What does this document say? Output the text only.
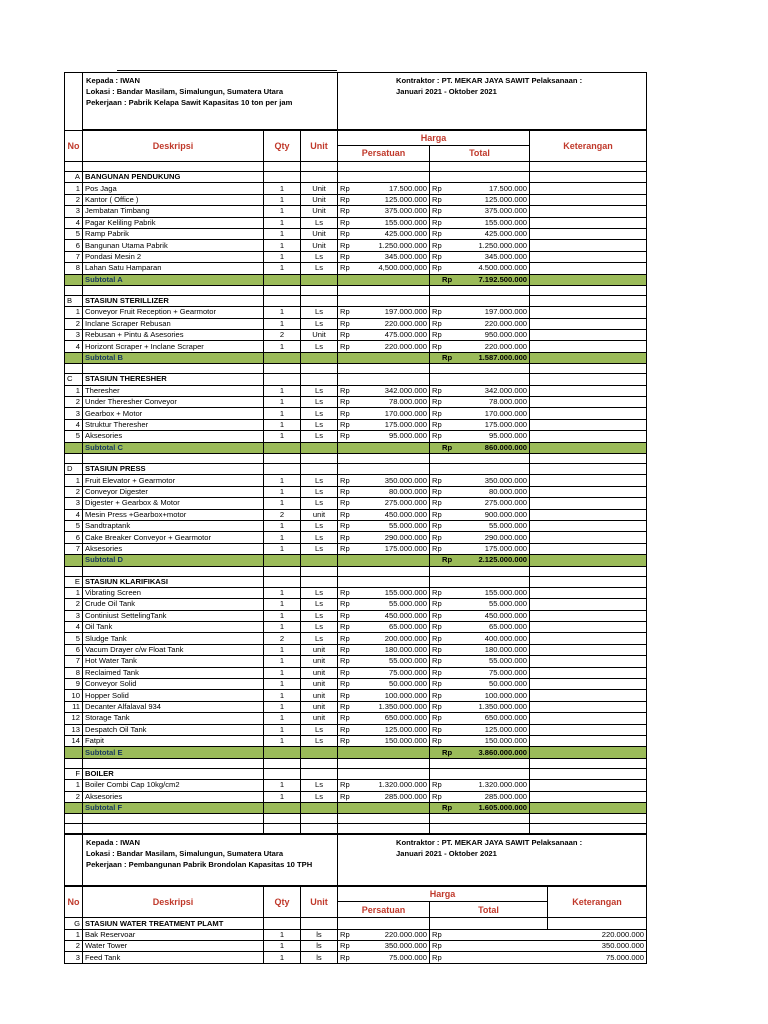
Kepada : IWAN
Lokasi : Bandar Masilam, Simalungun, Sumatera Utara
Pekerjaan : Pabrik Kelapa Sawit Kapasitas 10 ton per jam

Kontraktor : PT. MEKAR JAYA SAWIT Pelaksanaan :
Januari 2021 - Oktober 2021
No	Deskripsi	Qty	Unit	Harga		Keterangan
				Persatuan	Total	

A	BANGUNAN PENDUKUNG					
1	Pos Jaga	1	Unit	Rp 17.500.000	Rp 17.500.000	
2	Kantor ( Office )	1	Unit	Rp 125.000.000	Rp 125.000.000	
3	Jembatan Timbang	1	Unit	Rp 375.000.000	Rp 375.000.000	
4	Pagar Keliling Pabrik	1	Ls	Rp 155.000.000	Rp 155.000.000	
5	Ramp Pabrik	1	Unit	Rp 425.000.000	Rp 425.000.000	
6	Bangunan Utama Pabrik	1	Unit	Rp 1.250.000.000	Rp 1.250.000.000	
7	Pondasi Mesin 2	1	Ls	Rp 345.000.000	Rp 345.000.000	
8	Lahan Satu Hamparan	1	Ls	Rp 4,500.000,000	Rp 4.500.000.000	
	Subtotal A				Rp 7.192.500.000	

B	STASIUN STERILLIZER					
1	Conveyor Fruit Reception + Gearmotor	1	Ls	Rp 197.000.000	Rp 197.000.000	
2	Inclane Scraper Rebusan	1	Ls	Rp 220.000.000	Rp 220.000.000	
3	Rebusan + Pintu & Asesories	2	Unit	Rp 475.000.000	Rp 950.000.000	
4	Horizont Scraper + Inclane Scraper	1	Ls	Rp 220.000.000	Rp 220.000.000	
	Subtotal B				Rp 1.587.000.000	

C	STASIUN THERESHER					
1	Theresher	1	Ls	Rp 342.000.000	Rp 342.000.000	
2	Under Theresher Conveyor	1	Ls	Rp 78.000.000	Rp 78.000.000	
3	Gearbox + Motor	1	Ls	Rp 170.000.000	Rp 170.000.000	
4	Struktur Theresher	1	Ls	Rp 175.000.000	Rp 175.000.000	
5	Aksesories	1	Ls	Rp 95.000.000	Rp 95.000.000	
	Subtotal C				Rp 860.000.000	

D	STASIUN PRESS					
1	Fruit Elevator + Gearmotor	1	Ls	Rp 350.000.000	Rp 350.000.000	
2	Conveyor Digester	1	Ls	Rp 80.000.000	Rp 80.000.000	
3	Digester + Gearbox & Motor	1	Ls	Rp 275.000.000	Rp 275.000.000	
4	Mesin Press +Gearbox+motor	2	unit	Rp 450.000.000	Rp 900.000.000	
5	Sandtraptank	1	Ls	Rp 55.000.000	Rp 55.000.000	
6	Cake Breaker Conveyor + Gearmotor	1	Ls	Rp 290.000.000	Rp 290.000.000	
7	Aksesories	1	Ls	Rp 175.000.000	Rp 175.000.000	
	Subtotal D				Rp 2.125.000.000	

E	STASIUN KLARIFIKASI					
1	Vibrating Screen	1	Ls	Rp 155.000.000	Rp 155.000.000	
2	Crude Oil Tank	1	Ls	Rp 55.000.000	Rp 55.000.000	
3	Continiust SettelingTank	1	Ls	Rp 450.000.000	Rp 450.000.000	
4	Oil Tank	1	Ls	Rp 65.000.000	Rp 65.000.000	
5	Sludge Tank	2	Ls	Rp 200.000.000	Rp 400.000.000	
6	Vacum Drayer c/w Float Tank	1	unit	Rp 180.000.000	Rp 180.000.000	
7	Hot Water Tank	1	unit	Rp 55.000.000	Rp 55.000.000	
8	Reclaimed Tank	1	unit	Rp 75.000.000	Rp 75.000.000	
9	Conveyor Solid	1	unit	Rp 50.000.000	Rp 50.000.000	
10	Hopper Solid	1	unit	Rp 100.000.000	Rp 100.000.000	
11	Decanter Alfalaval 934	1	unit	Rp 1.350.000.000	Rp 1.350.000.000	
12	Storage Tank	1	unit	Rp 650.000.000	Rp 650.000.000	
13	Despatch Oil Tank	1	Ls	Rp 125.000.000	Rp 125.000.000	
14	Fatpit	1	Ls	Rp 150.000.000	Rp 150.000.000	
	Subtotal E				Rp 3.860.000.000	

F	BOILER					
1	Boiler Combi Cap 10kg/cm2	1	Ls	Rp 1.320.000.000	Rp 1.320.000.000	
2	Aksesories	1	Ls	Rp 285.000.000	Rp 285.000.000	
	Subtotal F				Rp 1.605.000.000	

Kepada : IWAN
Lokasi : Bandar Masilam, Simalungun, Sumatera Utara
Pekerjaan : Pembangunan Pabrik Brondolan Kapasitas 10 TPH

Kontraktor : PT. MEKAR JAYA SAWIT Pelaksanaan :
Januari 2021 - Oktober 2021
No	Deskripsi	Qty	Unit	Harga		Keterangan
				Persatuan	Total	
G	STASIUN WATER TREATMENT PLAMT					
1	Bak Reservoar	1	ls	Rp 220.000.000	Rp 220.000.000	
2	Water Tower	1	ls	Rp 350.000.000	Rp 350.000.000	
3	Feed Tank	1	ls	Rp 75.000.000	Rp 75.000.000	
